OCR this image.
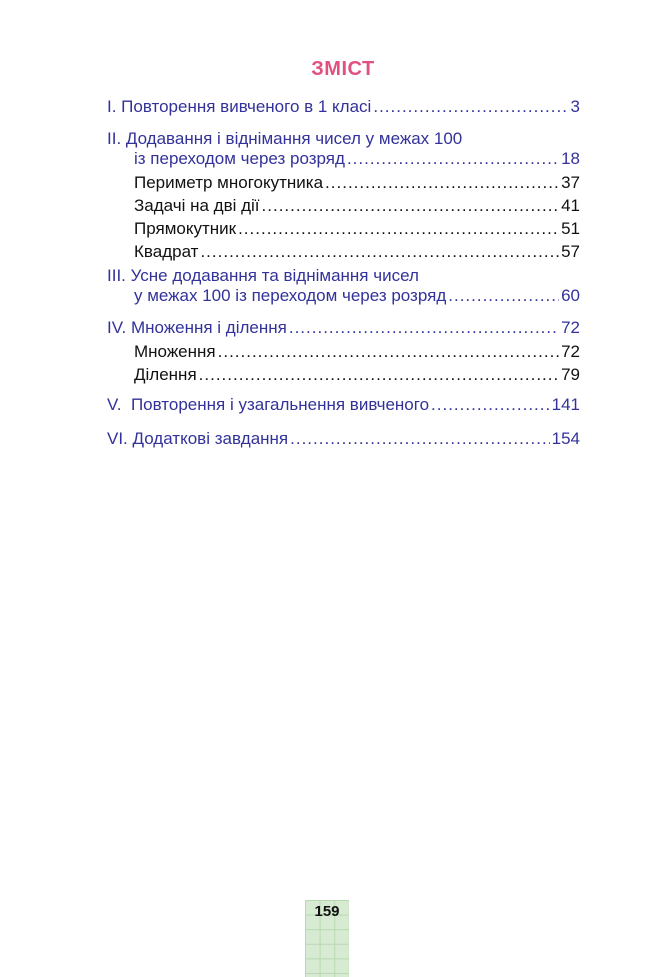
ЗМІСТ
І. Повторення вивченого в 1 класі .....	3
ІІ. Додавання і віднімання чисел у межах 100
із переходом через розряд .....	18
Периметр многокутника .....	37
Задачі на дві дії .....	41
Прямокутник .....	51
Квадрат .....	57
ІІІ. Усне додавання та віднімання чисел
у межах 100 із переходом через розряд .....	60
IV. Множення і ділення .....	72
Множення .....	72
Ділення .....	79
V.  Повторення і узагальнення вивченого .....	141
VI. Додаткові завдання .....	154
159
